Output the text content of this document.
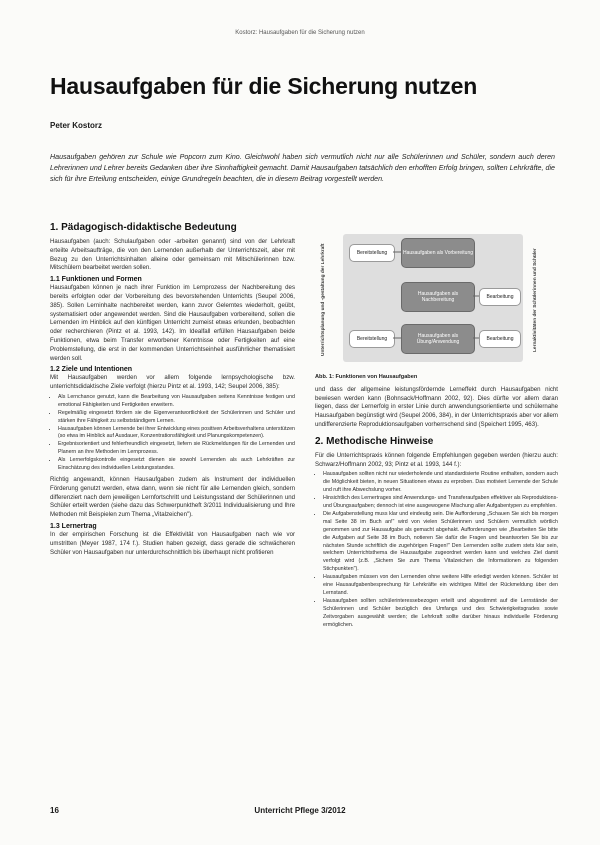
Kostorz: Hausaufgaben für die Sicherung nutzen
Hausaufgaben für die Sicherung nutzen
Peter Kostorz

Hausaufgaben gehören zur Schule wie Popcorn zum Kino. Gleichwohl haben sich vermutlich nicht nur alle Schülerinnen und Schüler, sondern auch deren Lehrerinnen und Lehrer bereits Gedanken über ihre Sinnhaftigkeit gemacht. Damit Hausaufgaben tatsächlich den erhofften Erfolg bringen, sollten Lehrkräfte, die sich für ihre Erteilung entscheiden, einige Grundregeln beachten, die in diesem Beitrag vorgestellt werden.

1. Pädagogisch-didaktische Bedeutung

Hausaufgaben (auch: Schulaufgaben oder -arbeiten genannt) sind von der Lehrkraft erteilte Arbeitsaufträge, die von den Lernenden außerhalb der Unterrichtszeit, aber mit Bezug zu den Unterrichtsinhalten alleine oder gemeinsam mit Mitschülerinnen bzw. Mitschülern bearbeitet werden sollen.

1.1 Funktionen und Formen

Hausaufgaben können je nach ihrer Funktion im Lernprozess der Nachbereitung des bereits erfolgten oder der Vorbereitung des bevorstehenden Unterrichts (Seupel 2006, 385). Sollen Lerninhalte nachbereitet werden, kann zuvor Gelerntes wiederholt, geübt, systematisiert oder angewendet werden. Sind die Hausaufgaben vorbereitend, sollen die Lernenden im Hinblick auf den künftigen Unterricht zumeist etwas erkunden, beobachten oder recherchieren (Pintz et al. 1993, 142). Im Idealfall erfüllen Hausaufgaben beide Funktionen, etwa beim Transfer erworbener Kenntnisse oder Fertigkeiten auf eine Problemstellung, die erst in der kommenden Unterrichtseinheit ausführlicher thematisiert werden soll.

1.2 Ziele und Intentionen

Mit Hausaufgaben werden vor allem folgende lernpsychologische bzw. unterrichtsdidaktische Ziele verfolgt (hierzu Pintz et al. 1993, 142; Seupel 2006, 385):

• Als Lernchance genutzt, kann die Bearbeitung von Hausaufgaben seitens Kenntnisse festigen und emotional Fähigkeiten und Fertigkeiten erweitern.
• Regelmäßig eingesetzt fördern sie die Eigenverantwortlichkeit der Schülerinnen und Schüler und stärken ihre Fähigkeit zu selbstständigem Lernen.
• Hausaufgaben können Lernende bei ihrer Entwicklung eines positiven Arbeitsverhaltens unterstützen (so etwa im Hinblick auf Ausdauer, Konzentrationsfähigkeit und Planungskompetenzen).
• Ergebnisorientiert und fehlerfreundlich eingesetzt, liefern sie Rückmeldungen für die Lernenden und Planern an ihre Methoden im Lernprozess.
• Als Lernerfolgskontrolle eingesetzt dienen sie sowohl Lernenden als auch Lehrkräften zur Einschätzung des individuellen Leistungsstandes.

Richtig angewandt, können Hausaufgaben zudem als Instrument der individuellen Förderung genutzt werden, etwa dann, wenn sie nicht für alle Lernenden gleich, sondern differenziert nach dem jeweiligen Lernfortschritt und Leistungsstand der Schülerinnen und Schüler erteilt werden (siehe dazu das Schwerpunktheft 3/2011 Individualisierung und Ihre Methoden mit Beispielen zum Thema „Vitalzeichen").

1.3 Lernertrag

In der empirischen Forschung ist die Effektivität von Hausaufgaben nach wie vor umstritten (Meyer 1987, 174 f.). Studien haben gezeigt, dass gerade die schwächeren Schüler von Hausaufgaben nur unterdurchschnittlich bis überhaupt nicht profitieren

Unterrichtsplanung und -gestaltung der Lehrkraft	Lernaktivitäten der Schülerinnen und Schüler
Bereitstellung	Hausaufgaben als Vorbereitung
Hausaufgaben als Nachbereitung
Bearbeitung
Bereitstellung
Hausaufgaben als Übung/Anwendung
Bearbeitung

Abb. 1: Funktionen von Hausaufgaben

und dass der allgemeine leistungsfördernde Lerneffekt durch Hausaufgaben nicht bewiesen werden kann (Bohnsack/Hoffmann 2002, 92). Dies dürfte vor allem daran liegen, dass der Lernerfolg in erster Linie durch anwendungsorientierte und schülernahe Hausaufgaben begünstigt wird (Seupel 2006, 384), in der Unterrichtspraxis aber vor allem undifferenzierte Reproduktionsaufgaben vorherrschend sind (Speichert 1995, 463).

2. Methodische Hinweise

Für die Unterrichtspraxis können folgende Empfehlungen gegeben werden (hierzu auch: Schwarz/Hoffmann 2002, 93; Pintz et al. 1993, 144 f.):

• Hausaufgaben sollten nicht nur wiederholende und standardisierte Routine enthalten, sondern auch die Möglichkeit bieten, in neuen Situationen etwas zu erproben. Das motiviert Lernende der Schule und ruft ihre Abwechslung vorher.
• Hinsichtlich des Lernertrages sind Anwendungs- und Transferaufgaben effektiver als Reproduktions- und Übungsaufgaben; dennoch ist eine ausgewogene Mischung aller Aufgabentypen zu empfehlen.
• Die Aufgabenstellung muss klar und eindeutig sein. Die Aufforderung „Schauen Sie sich bis morgen mal Seite 38 im Buch an!" wird von vielen Schülerinnen und Schülern vermutlich wörtlich genommen und zur Hausaufgabe als gemacht abgehakt. Aufforderungen wie „Bearbeiten Sie bitte die Aufgaben auf Seite 38 im Buch, notieren Sie dafür die Fragen und beantworten Sie bis zur nächsten Stunde schriftlich die zugehörigen Fragen!" Den Lernenden sollte zudem stets klar sein, welchem Unterrichtsthema die Hausaufgabe zugeordnet werden kann und welches Ziel damit verfolgt wird (z.B. „Sichern Sie zum Thema Vitalzeichen die Informationen zu folgenden Stichpunkten").
• Hausaufgaben müssen von den Lernenden ohne weitere Hilfe erledigt werden können. Schüler ist eine Hausaufgabenbesprechung für Lehrkräfte ein wichtiges Mittel der Rückmeldung über den Lernstand.
• Hausaufgaben sollten schülerinteressebezogen erteilt und abgestimmt auf die Lernstände der Schülerinnen und Schüler bezüglich des Umfangs und des Schwierigkeitsgrades sowie Zeitvorgaben ausgewählt werden; die Lehrkraft sollte darüber hinaus individuelle Förderung ermöglichen.
16	Unterricht Pflege 3/2012
